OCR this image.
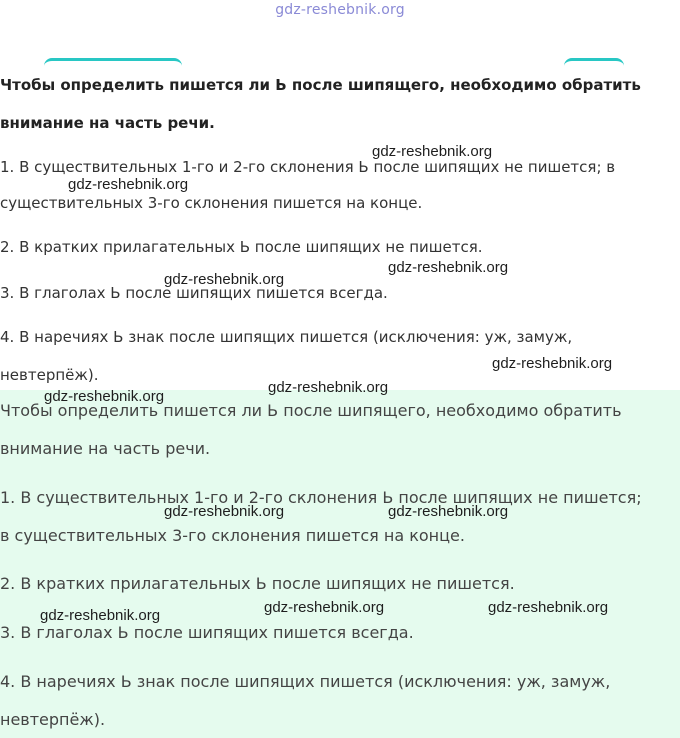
gdz-reshebnik.org
Чтобы определить пишется ли Ь после шипящего, необходимо обратить
внимание на часть речи.
1. В существительных 1-го и 2-го склонения Ь после шипящих не пишется; в
существительных 3-го склонения пишется на конце.
2. В кратких прилагательных Ь после шипящих не пишется.
3. В глаголах Ь после шипящих пишется всегда.
4. В наречиях Ь знак после шипящих пишется (исключения: уж, замуж,
невтерпёж).
Чтобы определить пишется ли Ь после шипящего, необходимо обратить
внимание на часть речи.
1. В существительных 1-го и 2-го склонения Ь после шипящих не пишется;
в существительных 3-го склонения пишется на конце.
2. В кратких прилагательных Ь после шипящих не пишется.
3. В глаголах Ь после шипящих пишется всегда.
4. В наречиях Ь знак после шипящих пишется (исключения: уж, замуж,
невтерпёж).
gdz-reshebnik.org
gdz-reshebnik.org
gdz-reshebnik.org
gdz-reshebnik.org
gdz-reshebnik.org
gdz-reshebnik.org
gdz-reshebnik.org
gdz-reshebnik.org	gdz-reshebnik.org
gdz-reshebnik.org	gdz-reshebnik.org	gdz-reshebnik.org
